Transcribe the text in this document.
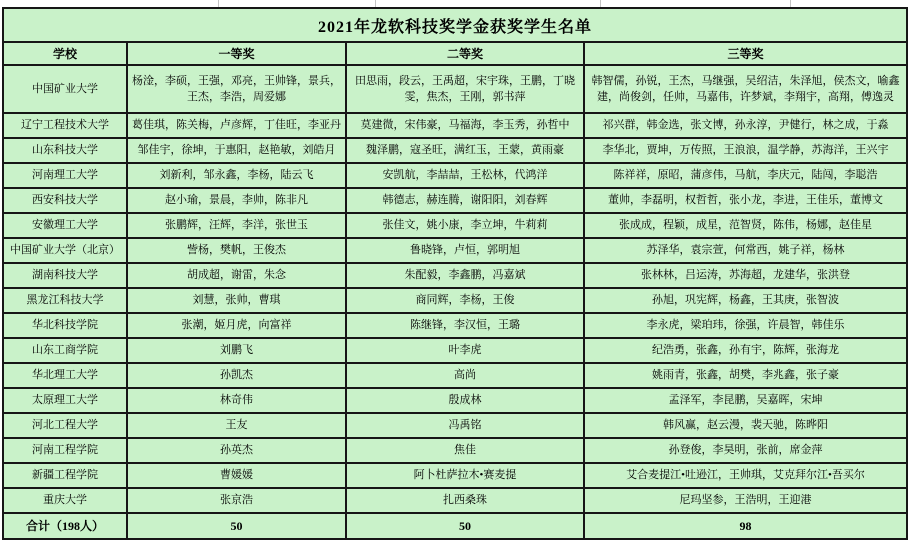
2021年龙软科技奖学金获奖学生名单			
学校	一等奖	二等奖	三等奖
中国矿业大学	杨淦，李硕，王强，邓亮，王帅锋，景兵，王杰，李浩，周爱娜	田思雨，段云，王禹超，宋宇珠，王鹏，丁晓雯，焦杰，王刚，郭书萍	韩智儒，孙锐，王杰，马继强，吴绍洁，朱泽旭，侯杰文，喻鑫建，尚俊剑，任帅，马嘉伟，许梦斌，李翔宇，高翔，傅逸灵
辽宁工程技术大学	葛佳琪，陈关梅，卢彦辉，丁佳旺，李亚丹	莫建微，宋伟豪，马福海，李玉秀，孙哲中	祁兴群，韩金选，张文博，孙永淳，尹健行，林之成，于淼
山东科技大学	邹佳宇，徐坤，于惠阳，赵艳敏，刘皓月	魏泽鹏，寇圣旺，满红玉，王蒙，黄雨豪	李华北，贾坤，万传照，王浪浪，温学静，苏海洋，王兴宇
河南理工大学	刘新利，邹永鑫，李杨，陆云飞	安凯航，李喆喆，王松林，代鸿洋	陈祥祥，原昭，蒲彦伟，马航，李庆元，陆闯，李聪浩
西安科技大学	赵小瑜，景晨，李帅，陈非凡	韩德志，赫连腾，谢阳阳，刘春辉	董帅，李磊明，权哲哲，张小龙，李进，王佳乐，董博文
安徽理工大学	张鹏辉，汪辉，李洋，张世玉	张佳文，姚小康，李立坤，牛莉莉	张成成，程颖，成星，范智贤，陈伟，杨娜，赵佳星
中国矿业大学（北京）	訾杨，樊帆，王俊杰	鲁晓锋，卢恒，郭明旭	苏泽华，袁宗萱，何常西，姚子祥，杨林
湖南科技大学	胡成超，谢雷，朱念	朱配毅，李鑫鹏，冯嘉斌	张林林，吕运涛，苏海超，龙建华，张洪登
黑龙江科技大学	刘慧，张帅，曹琪	商同辉，李杨，王俊	孙旭，巩宪辉，杨鑫，王其庚，张智波
华北科技学院	张潮，姬月虎，向富祥	陈继锋，李汉恒，王璐	李永虎，梁珀玮，徐强，许晨智，韩佳乐
山东工商学院	刘鹏飞	叶李虎	纪浩勇，张鑫，孙有宇，陈辉，张海龙
华北理工大学	孙凯杰	高尚	姚雨青，张鑫，胡樊，李兆鑫，张子豪
太原理工大学	林奇伟	殷成林	孟泽军，李昆鹏，吴嘉晖，宋坤
河北工程大学	王友	冯禹铭	韩风赢，赵云漫，裴天驰，陈晔阳
河南工程学院	孙英杰	焦佳	孙登俊，李昊明，张前，席金萍
新疆工程学院	曹媛媛	阿卜杜萨拉木•赛麦提	艾合麦提江•吐逊江，王帅琪，艾克拜尔江•吾买尔
重庆大学	张京浩	扎西桑珠	尼玛坚参，王浩明，王迎港
合计（198人）	50	50	98
